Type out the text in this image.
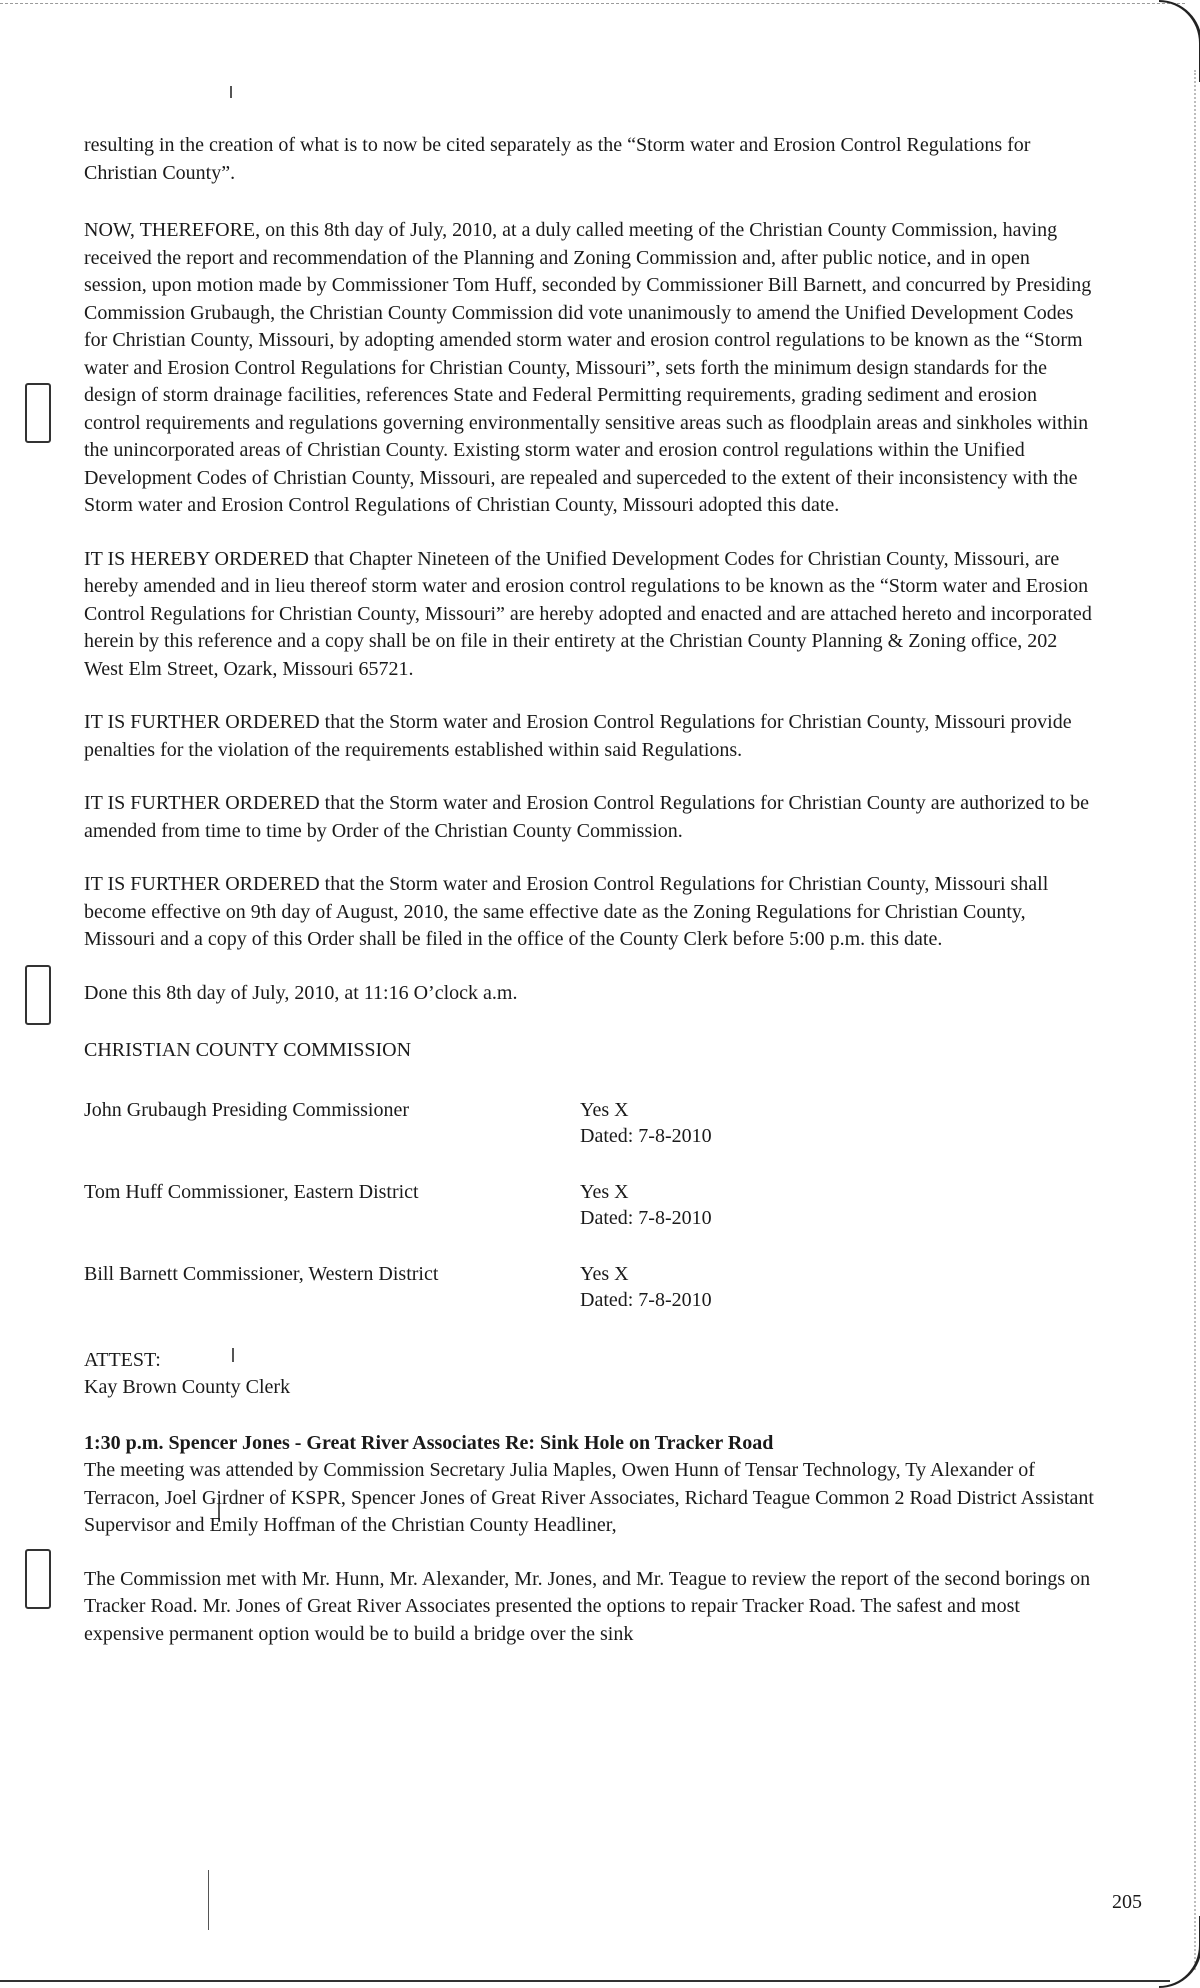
resulting in the creation of what is to now be cited separately as the “Storm water and Erosion Control Regulations for Christian County”.

NOW, THEREFORE, on this 8th day of July, 2010, at a duly called meeting of the Christian County Commission, having received the report and recommendation of the Planning and Zoning Commission and, after public notice, and in open session, upon motion made by Commissioner Tom Huff, seconded by Commissioner Bill Barnett, and concurred by Presiding Commission Grubaugh, the Christian County Commission did vote unanimously to amend the Unified Development Codes for Christian County, Missouri, by adopting amended storm water and erosion control regulations to be known as the “Storm water and Erosion Control Regulations for Christian County, Missouri”, sets forth the minimum design standards for the design of storm drainage facilities, references State and Federal Permitting requirements, grading sediment and erosion control requirements and regulations governing environmentally sensitive areas such as floodplain areas and sinkholes within the unincorporated areas of Christian County. Existing storm water and erosion control regulations within the Unified Development Codes of Christian County, Missouri, are repealed and superceded to the extent of their inconsistency with the Storm water and Erosion Control Regulations of Christian County, Missouri adopted this date.

IT IS HEREBY ORDERED that Chapter Nineteen of the Unified Development Codes for Christian County, Missouri, are hereby amended and in lieu thereof storm water and erosion control regulations to be known as the “Storm water and Erosion Control Regulations for Christian County, Missouri” are hereby adopted and enacted and are attached hereto and incorporated herein by this reference and a copy shall be on file in their entirety at the Christian County Planning & Zoning office, 202 West Elm Street, Ozark, Missouri 65721.

IT IS FURTHER ORDERED that the Storm water and Erosion Control Regulations for Christian County, Missouri provide penalties for the violation of the requirements established within said Regulations.

IT IS FURTHER ORDERED that the Storm water and Erosion Control Regulations for Christian County are authorized to be amended from time to time by Order of the Christian County Commission.

IT IS FURTHER ORDERED that the Storm water and Erosion Control Regulations for Christian County, Missouri shall become effective on 9th day of August, 2010, the same effective date as the Zoning Regulations for Christian County, Missouri and a copy of this Order shall be filed in the office of the County Clerk before 5:00 p.m. this date.

Done this 8th day of July, 2010, at 11:16 O’clock a.m.

CHRISTIAN COUNTY COMMISSION

John Grubaugh Presiding Commissioner	Yes X
Dated: 7-8-2010
Tom Huff Commissioner, Eastern District	Yes X
Dated: 7-8-2010
Bill Barnett Commissioner, Western District	Yes X
Dated: 7-8-2010
ATTEST:
Kay Brown County Clerk
1:30 p.m. Spencer Jones - Great River Associates Re: Sink Hole on Tracker Road
The meeting was attended by Commission Secretary Julia Maples, Owen Hunn of Tensar Technology, Ty Alexander of Terracon, Joel Girdner of KSPR, Spencer Jones of Great River Associates, Richard Teague Common 2 Road District Assistant Supervisor and Emily Hoffman of the Christian County Headliner,

The Commission met with Mr. Hunn, Mr. Alexander, Mr. Jones, and Mr. Teague to review the report of the second borings on Tracker Road. Mr. Jones of Great River Associates presented the options to repair Tracker Road. The safest and most expensive permanent option would be to build a bridge over the sink

205
